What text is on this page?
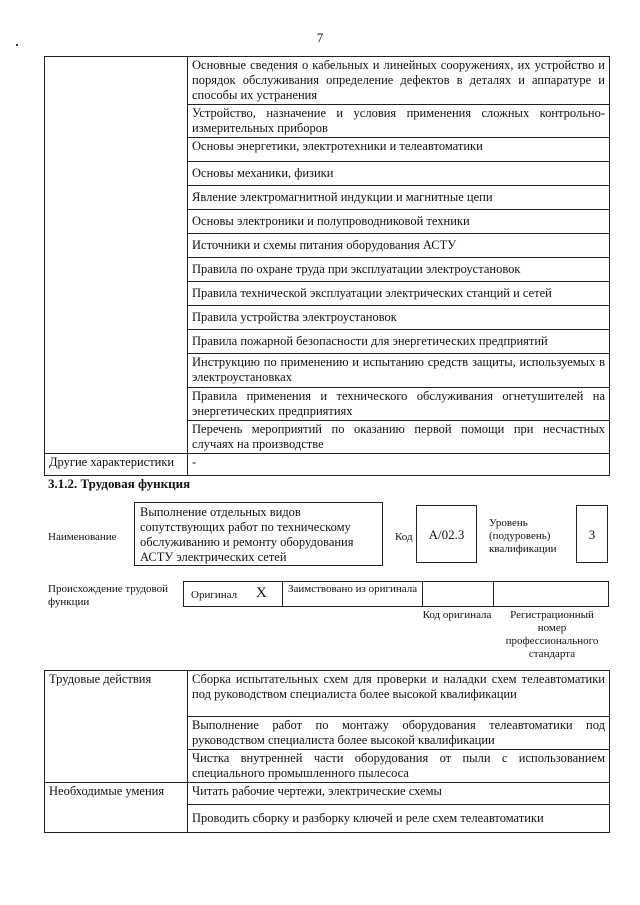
7
	Основные сведения о кабельных и линейных сооружениях, их устройство и порядок обслуживания определение дефектов в деталях и аппаратуре и способы их устранения
	Устройство, назначение и условия применения сложных контрольно-измерительных приборов
	Основы энергетики, электротехники и телеавтоматики
	Основы механики, физики
	Явление электромагнитной индукции и магнитные цепи
	Основы электроники и полупроводниковой техники
	Источники и схемы питания оборудования АСТУ
	Правила по охране труда при эксплуатации электроустановок
	Правила технической эксплуатации электрических станций и сетей
	Правила устройства электроустановок
	Правила пожарной безопасности для энергетических предприятий
	Инструкцию по применению и испытанию средств защиты, используемых в электроустановках
	Правила применения и технического обслуживания огнетушителей на энергетических предприятиях
	Перечень мероприятий по оказанию первой помощи при несчастных случаях на производстве
Другие характеристики	-
3.1.2. Трудовая функция
Наименование
Выполнение отдельных видов сопутствующих работ по техническому обслуживанию и ремонту оборудования АСТУ электрических сетей
Код	А/02.3
Уровень (подуровень) квалификации
3
Происхождение трудовой функции
Оригинал X Заимствовано из оригинала
Код оригинала	Регистрационный номер профессионального стандарта
Трудовые действия	Сборка испытательных схем для проверки и наладки схем телеавтоматики под руководством специалиста более высокой квалификации
	Выполнение работ по монтажу оборудования телеавтоматики под руководством специалиста более высокой квалификации
	Чистка внутренней части оборудования от пыли с использованием специального промышленного пылесоса
Необходимые умения	Читать рабочие чертежи, электрические схемы
	Проводить сборку и разборку ключей и реле схем телеавтоматики
